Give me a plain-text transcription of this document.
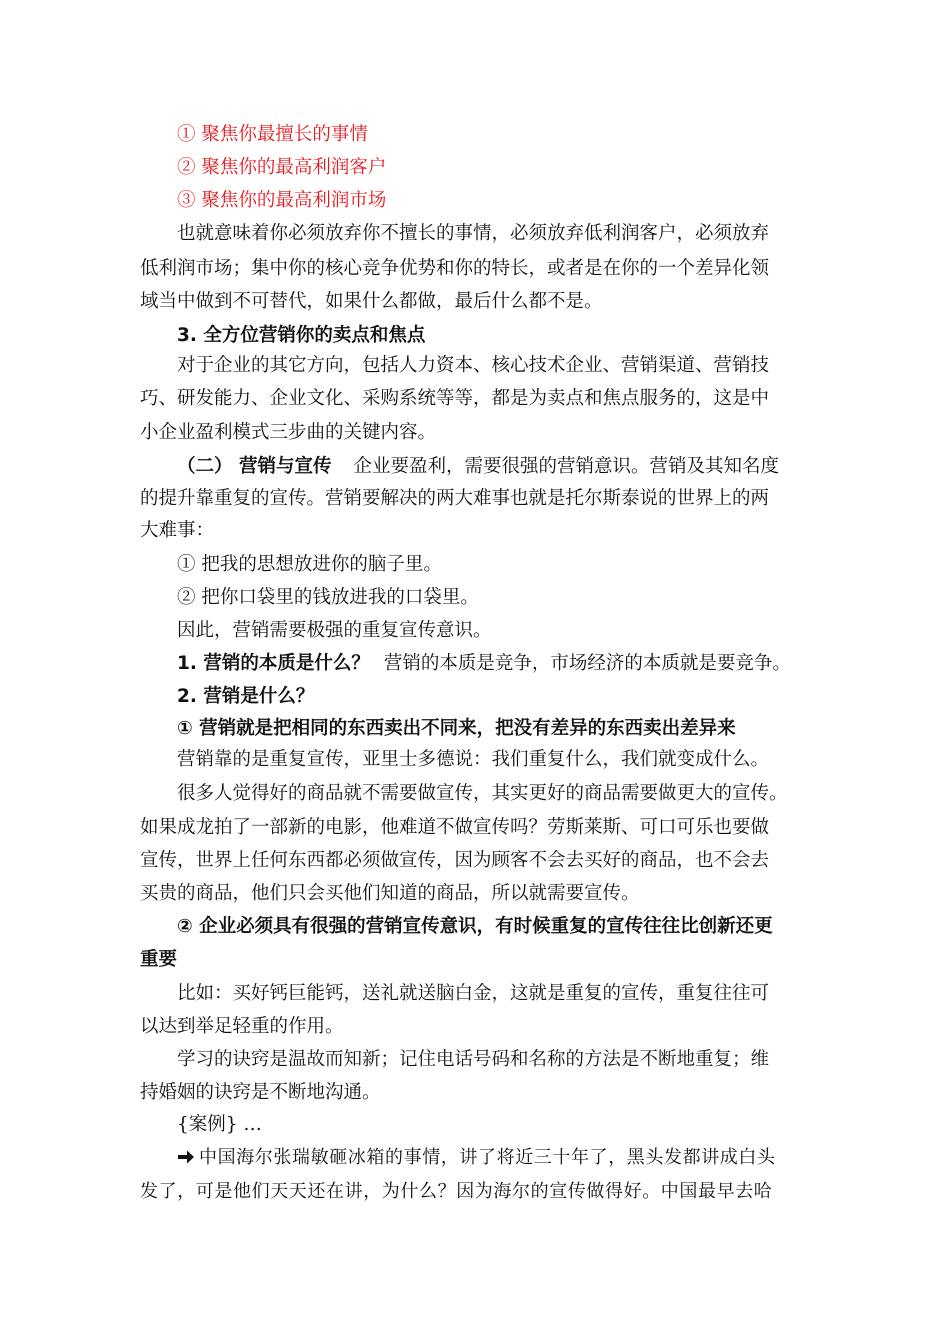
① 聚焦你最擅长的事情
② 聚焦你的最高利润客户
③ 聚焦你的最高利润市场
也就意味着你必须放弃你不擅长的事情，必须放弃低利润客户，必须放弃
低利润市场；集中你的核心竞争优势和你的特长，或者是在你的一个差异化领
域当中做到不可替代，如果什么都做，最后什么都不是。
3. 全方位营销你的卖点和焦点
对于企业的其它方向，包括人力资本、核心技术企业、营销渠道、营销技
巧、研发能力、企业文化、采购系统等等，都是为卖点和焦点服务的，这是中
小企业盈利模式三步曲的关键内容。
（二） 营销与宣传 企业要盈利，需要很强的营销意识。营销及其知名度
的提升靠重复的宣传。营销要解决的两大难事也就是托尔斯泰说的世界上的两
大难事：
① 把我的思想放进你的脑子里。
② 把你口袋里的钱放进我的口袋里。
因此，营销需要极强的重复宣传意识。
1. 营销的本质是什么？ 营销的本质是竞争，市场经济的本质就是要竞争。
2. 营销是什么？
① 营销就是把相同的东西卖出不同来，把没有差异的东西卖出差异来
营销靠的是重复宣传，亚里士多德说：我们重复什么，我们就变成什么。
很多人觉得好的商品就不需要做宣传，其实更好的商品需要做更大的宣传。
如果成龙拍了一部新的电影，他难道不做宣传吗？劳斯莱斯、可口可乐也要做
宣传，世界上任何东西都必须做宣传，因为顾客不会去买好的商品，也不会去
买贵的商品，他们只会买他们知道的商品，所以就需要宣传。
② 企业必须具有很强的营销宣传意识，有时候重复的宣传往往比创新还更
重要
比如：买好钙巨能钙，送礼就送脑白金，这就是重复的宣传，重复往往可
以达到举足轻重的作用。
学习的诀窍是温故而知新；记住电话号码和名称的方法是不断地重复；维
持婚姻的诀窍是不断地沟通。
{案例} …
中国海尔张瑞敏砸冰箱的事情，讲了将近三十年了，黑头发都讲成白头
发了，可是他们天天还在讲，为什么？因为海尔的宣传做得好。中国最早去哈
